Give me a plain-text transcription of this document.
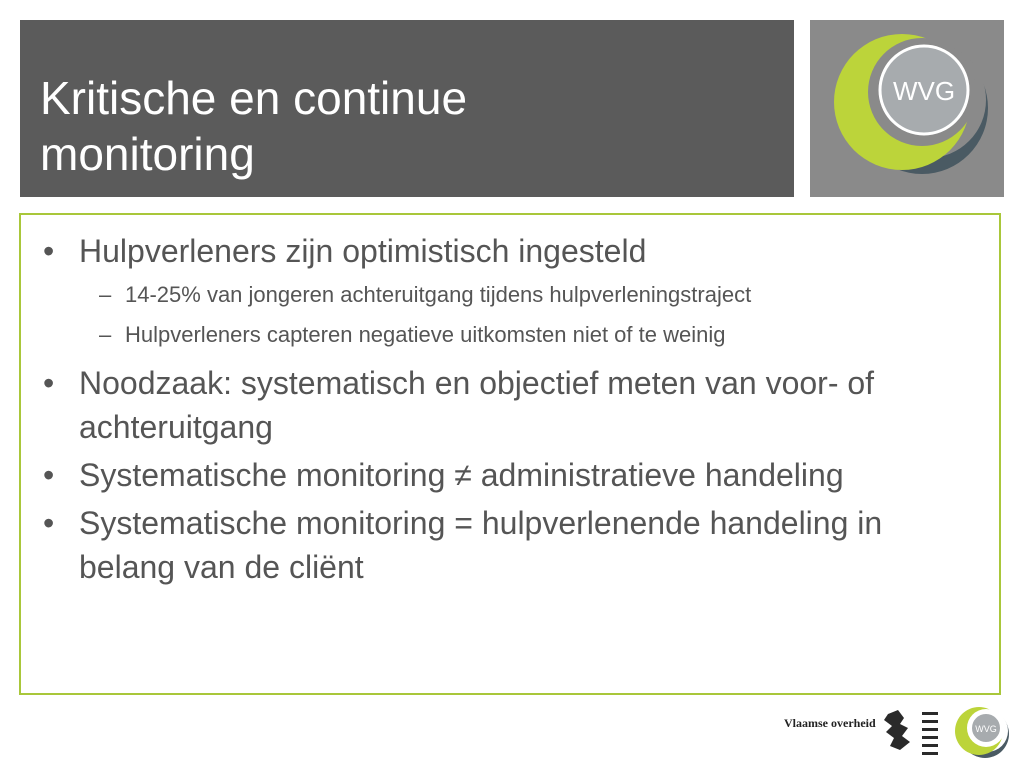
Kritische en continue
monitoring
WVG
• Hulpverleners zijn optimistisch ingesteld
– 14-25% van jongeren achteruitgang tijdens hulpverleningstraject
– Hulpverleners capteren negatieve uitkomsten niet of te weinig
• Noodzaak: systematisch en objectief meten van voor- of achteruitgang
• Systematische monitoring ≠ administratieve handeling
• Systematische monitoring = hulpverlenende handeling in belang van de cliënt
Vlaamse overheid	WVG
